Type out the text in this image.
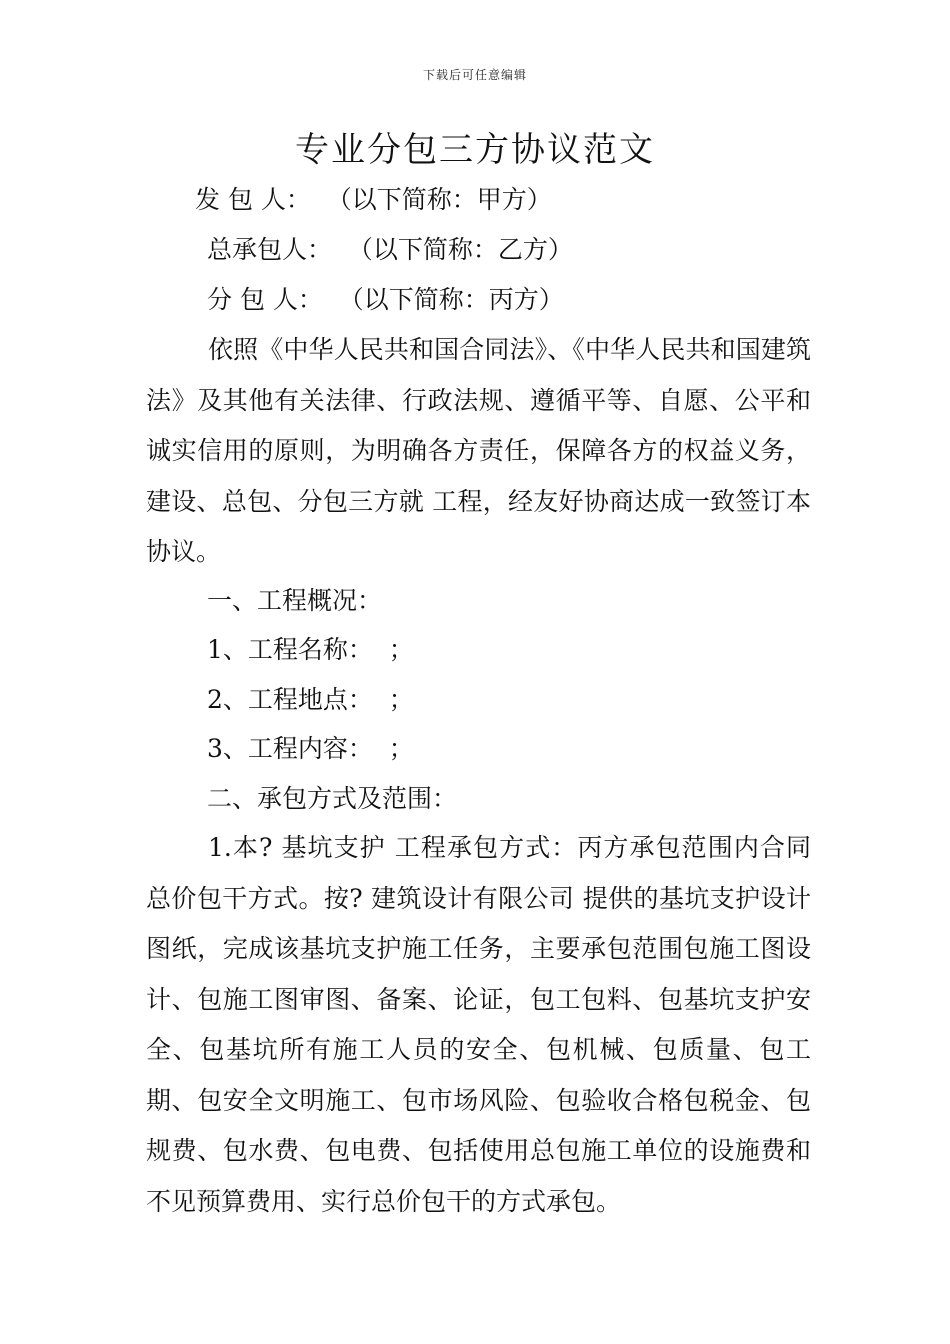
下载后可任意编辑
专业分包三方协议范文
发 包 人：  （以下简称：甲方）
总承包人：  （以下简称：乙方）
分 包 人：  （以下简称：丙方）

依照《中华人民共和国合同法》、《中华人民共和国建筑法》及其他有关法律、行政法规、遵循平等、自愿、公平和诚实信用的原则，为明确各方责任，保障各方的权益义务，建设、总包、分包三方就 工程，经友好协商达成一致签订本协议。

一、工程概况：
1、工程名称：  ；
2、工程地点：  ；
3、工程内容：  ；
二、承包方式及范围：

1.本? 基坑支护 工程承包方式：丙方承包范围内合同总价包干方式。按? 建筑设计有限公司 提供的基坑支护设计图纸，完成该基坑支护施工任务，主要承包范围包施工图设计、包施工图审图、备案、论证，包工包料、包基坑支护安全、包基坑所有施工人员的安全、包机械、包质量、包工期、包安全文明施工、包市场风险、包验收合格包税金、包规费、包水费、包电费、包括使用总包施工单位的设施费和不见预算费用、实行总价包干的方式承包。
